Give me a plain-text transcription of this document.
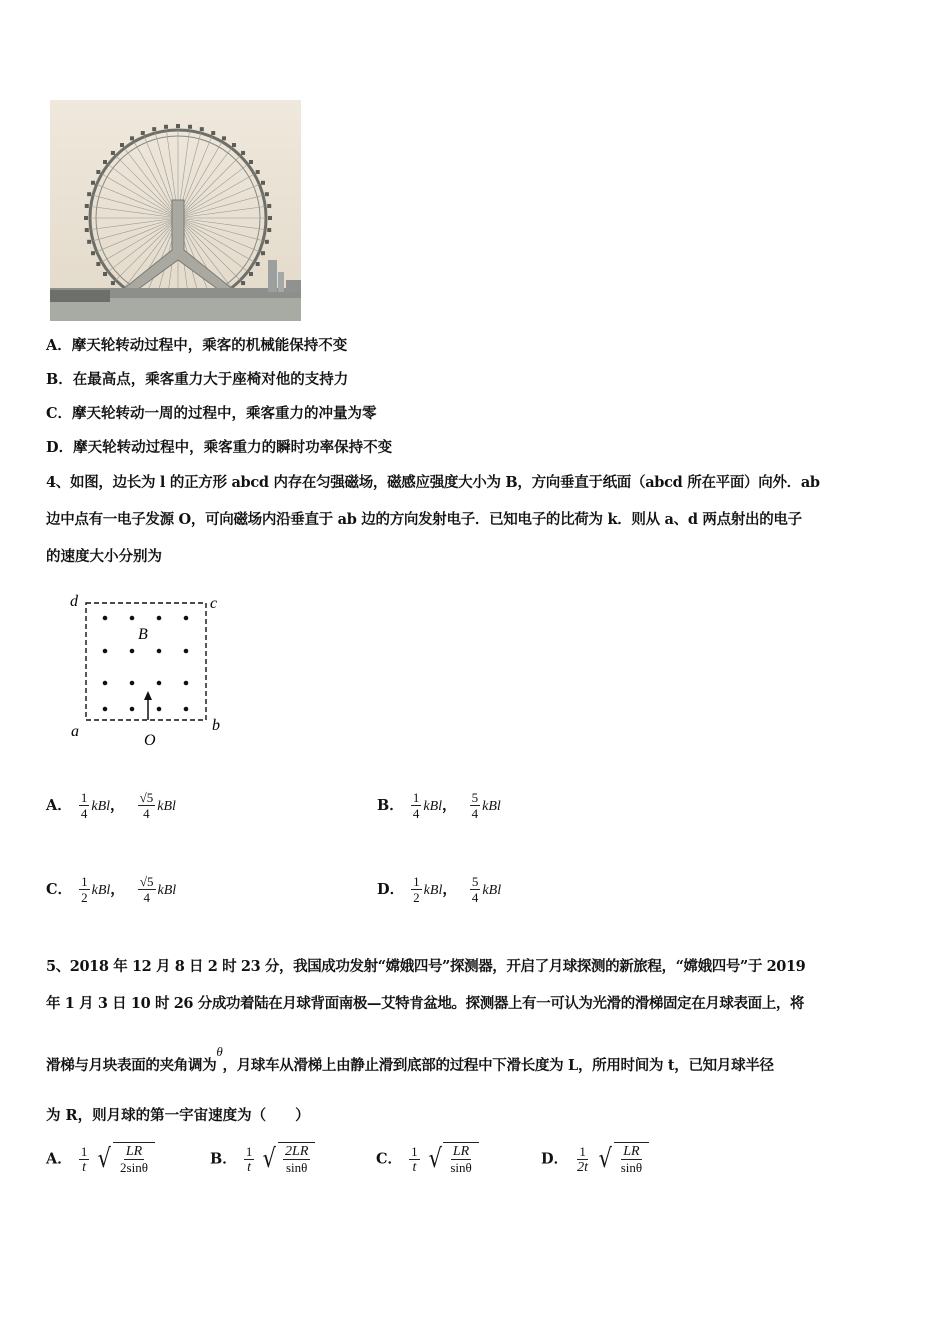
A．摩天轮转动过程中，乘客的机械能保持不变
B．在最高点，乘客重力大于座椅对他的支持力
C．摩天轮转动一周的过程中，乘客重力的冲量为零
D．摩天轮转动过程中，乘客重力的瞬时功率保持不变
4、如图，边长为 l 的正方形 abcd 内存在匀强磁场，磁感应强度大小为 B，方向垂直于纸面（abcd 所在平面）向外．ab
边中点有一电子发源 O，可向磁场内沿垂直于 ab 边的方向发射电子．已知电子的比荷为 k．则从 a、d 两点射出的电子
的速度大小分别为
d	c
a	b
B
O
A． $\frac{1}{4}$ kBl， $\frac{√5}{4}$ kBl	B． $\frac{1}{4}$ kBl， $\frac{5}{4}$ kBl
C． $\frac{1}{2}$ kBl， $\frac{√5}{4}$ kBl	D． $\frac{1}{2}$ kBl， $\frac{5}{4}$ kBl
5、2018 年 12 月 8 日 2 时 23 分，我国成功发射“嫦娥四号”探测器，开启了月球探测的新旅程，“嫦娥四号”于 2019
年 1 月 3 日 10 时 26 分成功着陆在月球背面南极—艾特肯盆地。探测器上有一可认为光滑的滑梯固定在月球表面上，将
滑梯与月块表面的夹角调为θ，月球车从滑梯上由静止滑到底部的过程中下滑长度为 L，所用时间为 t，已知月球半径
为 R，则月球的第一宇宙速度为（　　）
A． $\frac{1}{t}$
√ $\frac{LR}{2\sin\theta}$	B． $\frac{1}{t}$
√ $\frac{2LR}{\sin\theta}$	C． $\frac{1}{t}$
√ $\frac{LR}{\sin\theta}$	D． $\frac{1}{2t}$
√ $\frac{LR}{\sin\theta}$
